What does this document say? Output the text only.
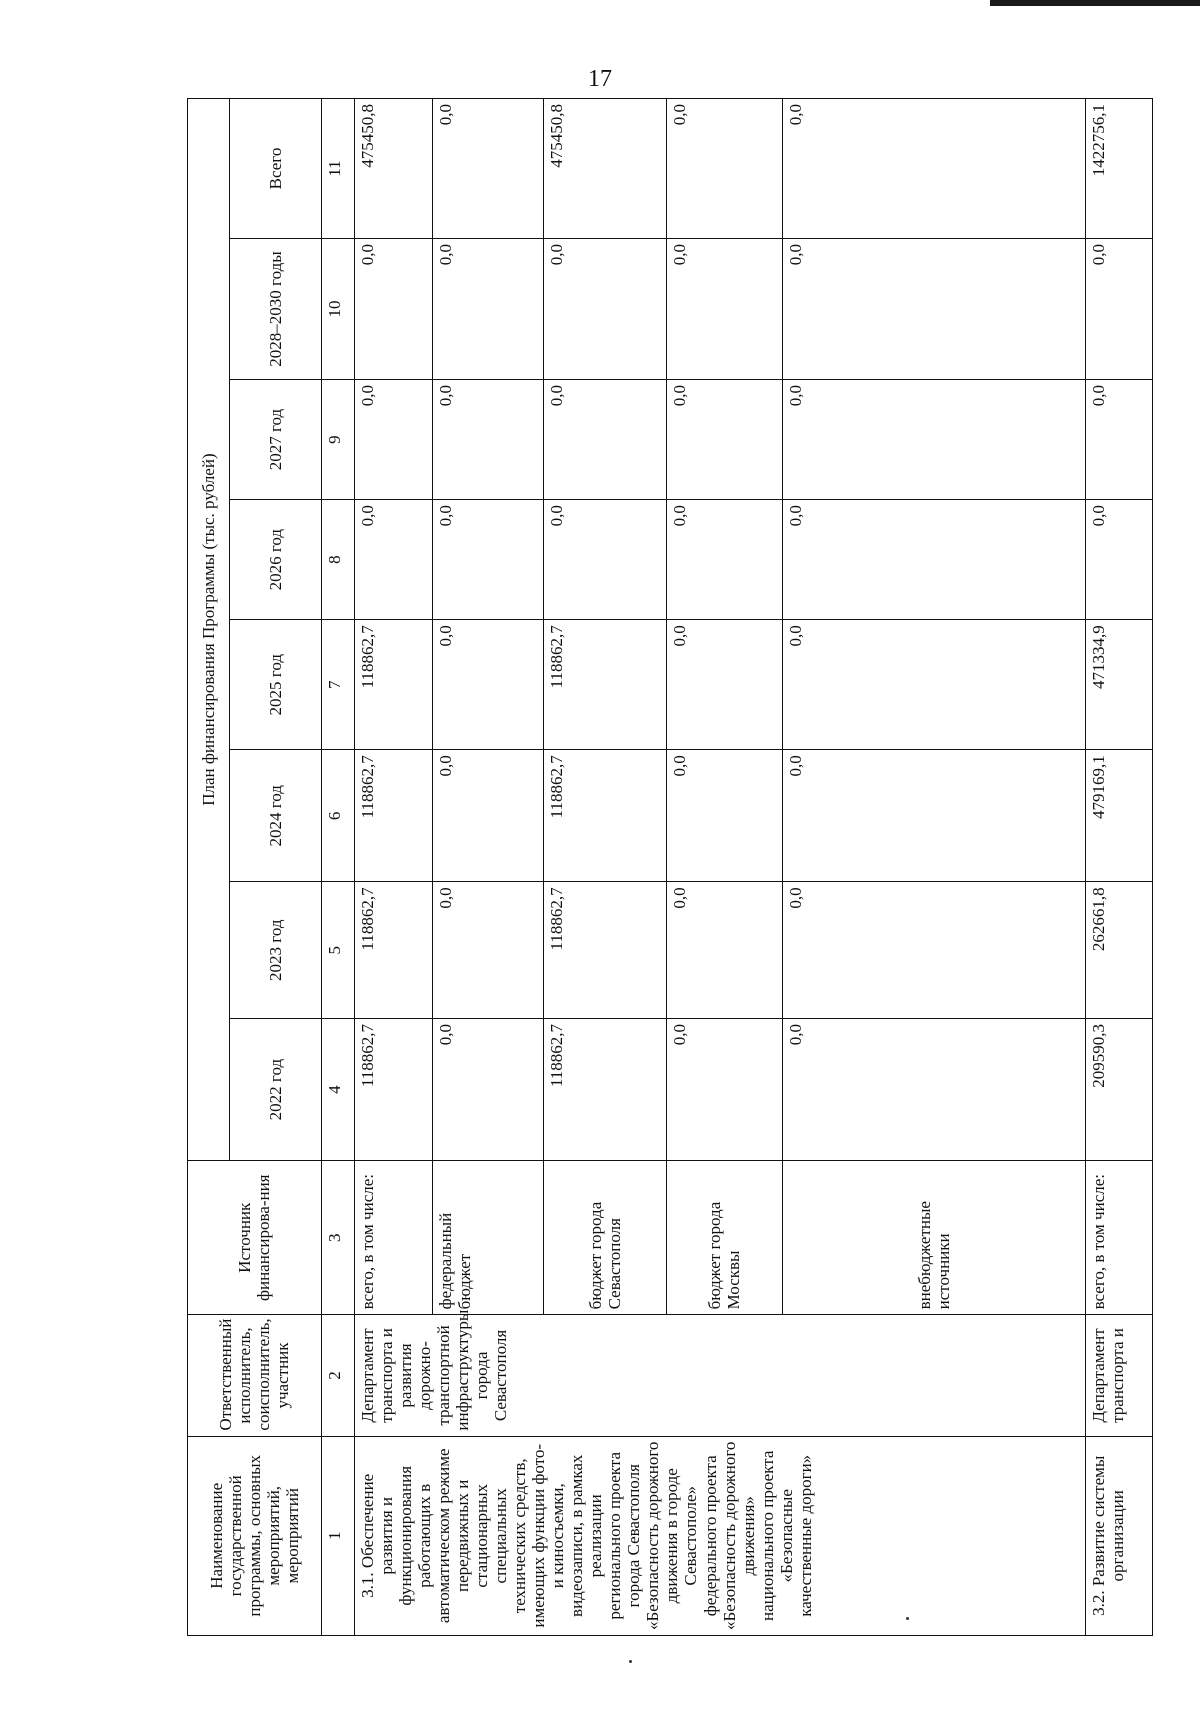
17
Наименование государственной программы, основных мероприятий, мероприятий	Ответственный исполнитель, соисполнитель, участник	Источник финансирова-ния	План финансирования Программы (тыс. рублей)							
			2022 год	2023 год	2024 год	2025 год	2026 год	2027 год	2028–2030 годы	Всего
1	2	3	4	5	6	7	8	9	10	11
3.1. Обеспечение развития и функционирования работающих в автоматическом режиме передвижных и стационарных специальных технических средств, имеющих функции фото- и киносъемки, видеозаписи, в рамках реализации регионального проекта города Севастополя «Безопасность дорожного движения в городе Севастополе» федерального проекта «Безопасность дорожного движения» национального проекта «Безопасные качественные дороги»	Департамент транспорта и развития дорожно-транспортной инфраструктуры города Севастополя	всего, в том числе:	118862,7	118862,7	118862,7	118862,7	0,0	0,0	0,0	475450,8
		федеральный бюджет	0,0	0,0	0,0	0,0	0,0	0,0	0,0	0,0
		бюджет города Севастополя	118862,7	118862,7	118862,7	118862,7	0,0	0,0	0,0	475450,8
		бюджет города Москвы	0,0	0,0	0,0	0,0	0,0	0,0	0,0	0,0
		внебюджетные источники	0,0	0,0	0,0	0,0	0,0	0,0	0,0	0,0
3.2. Развитие системы организации	Департамент транспорта и	всего, в том числе:	209590,3	262661,8	479169,1	471334,9	0,0	0,0	0,0	1422756,1
